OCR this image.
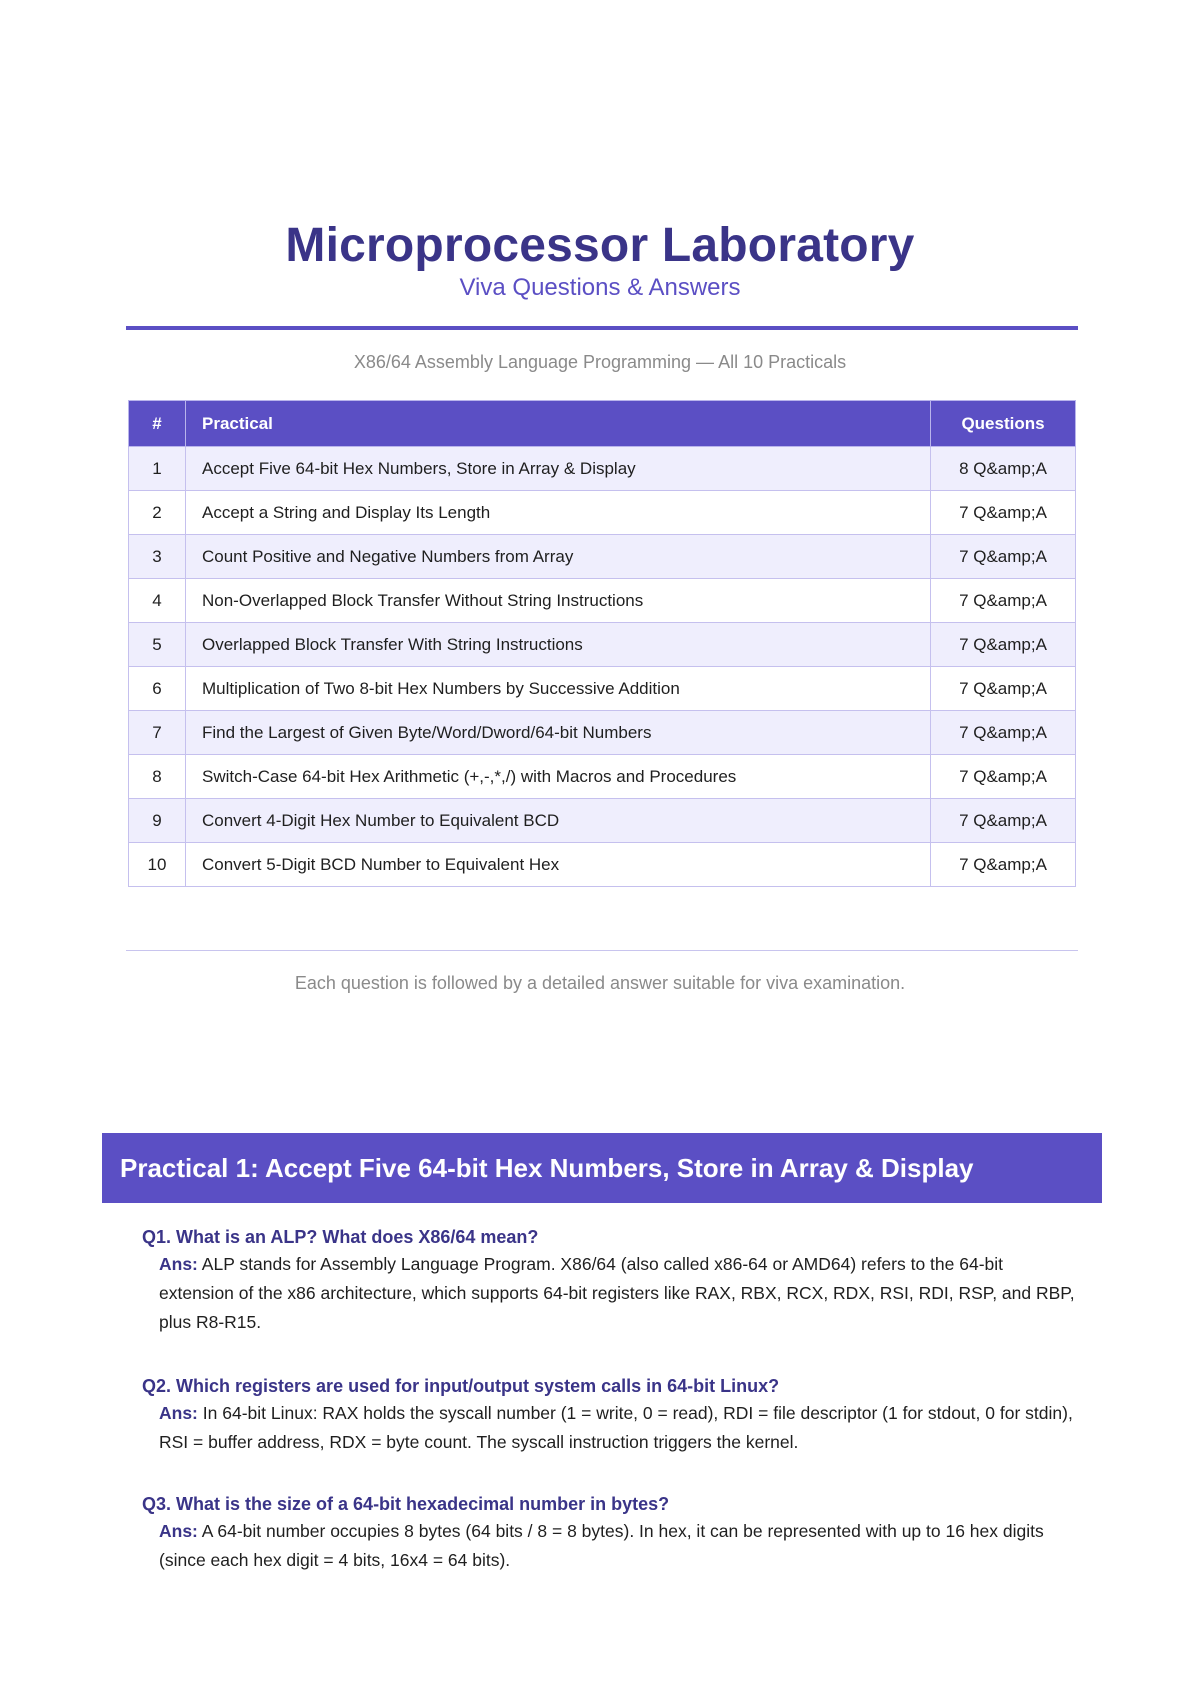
Microprocessor Laboratory
Viva Questions & Answers
X86/64 Assembly Language Programming — All 10 Practicals
#	Practical	Questions
1	Accept Five 64-bit Hex Numbers, Store in Array & Display	8 Q&amp;A
2	Accept a String and Display Its Length	7 Q&amp;A
3	Count Positive and Negative Numbers from Array	7 Q&amp;A
4	Non-Overlapped Block Transfer Without String Instructions	7 Q&amp;A
5	Overlapped Block Transfer With String Instructions	7 Q&amp;A
6	Multiplication of Two 8-bit Hex Numbers by Successive Addition	7 Q&amp;A
7	Find the Largest of Given Byte/Word/Dword/64-bit Numbers	7 Q&amp;A
8	Switch-Case 64-bit Hex Arithmetic (+,-,*,/) with Macros and Procedures	7 Q&amp;A
9	Convert 4-Digit Hex Number to Equivalent BCD	7 Q&amp;A
10	Convert 5-Digit BCD Number to Equivalent Hex	7 Q&amp;A
Each question is followed by a detailed answer suitable for viva examination.
Practical 1: Accept Five 64-bit Hex Numbers, Store in Array & Display
Q1. What is an ALP? What does X86/64 mean?
Ans: ALP stands for Assembly Language Program. X86/64 (also called x86-64 or AMD64) refers to the 64-bit extension of the x86 architecture, which supports 64-bit registers like RAX, RBX, RCX, RDX, RSI, RDI, RSP, and RBP, plus R8-R15.
Q2. Which registers are used for input/output system calls in 64-bit Linux?
Ans: In 64-bit Linux: RAX holds the syscall number (1 = write, 0 = read), RDI = file descriptor (1 for stdout, 0 for stdin), RSI = buffer address, RDX = byte count. The syscall instruction triggers the kernel.
Q3. What is the size of a 64-bit hexadecimal number in bytes?
Ans: A 64-bit number occupies 8 bytes (64 bits / 8 = 8 bytes). In hex, it can be represented with up to 16 hex digits (since each hex digit = 4 bits, 16x4 = 64 bits).
